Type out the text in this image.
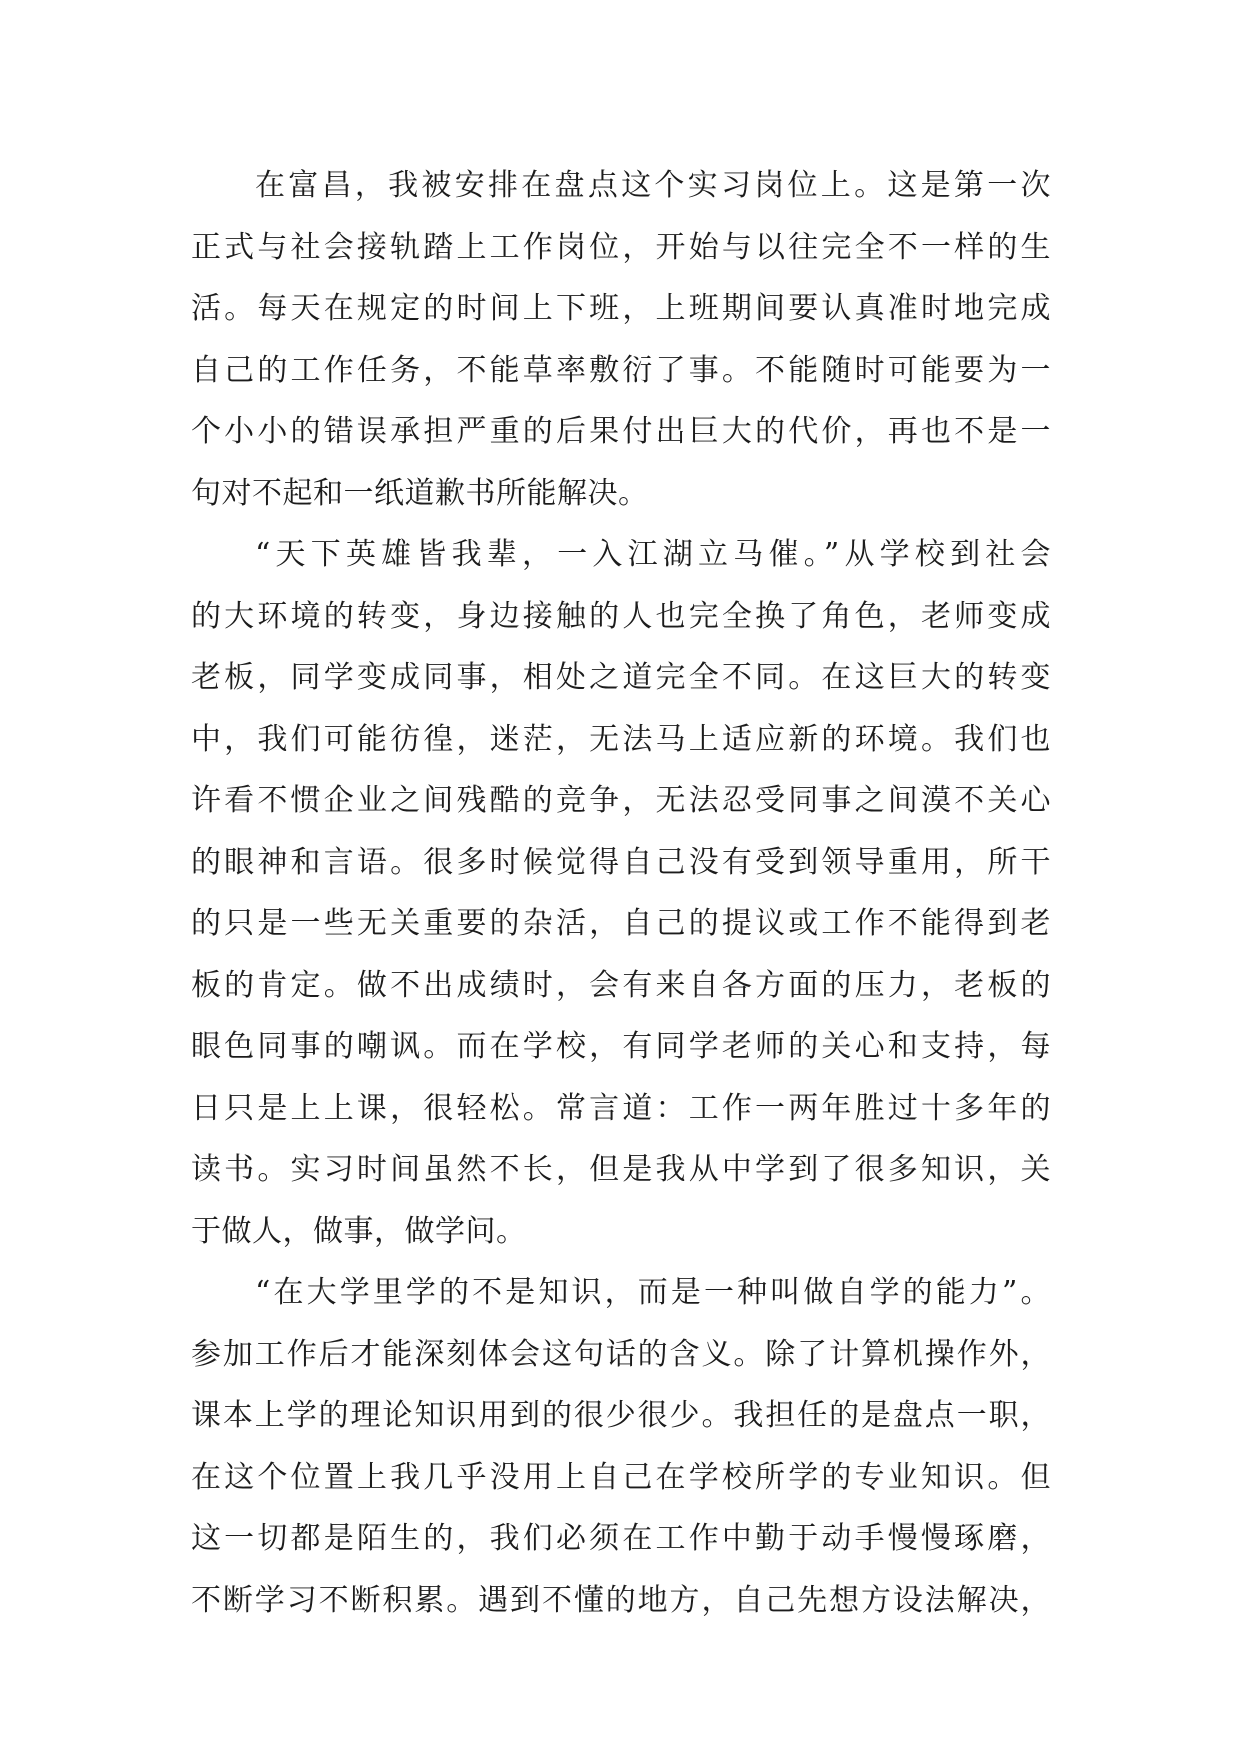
在富昌，我被安排在盘点这个实习岗位上。这是第一次
正式与社会接轨踏上工作岗位，开始与以往完全不一样的生
活。每天在规定的时间上下班，上班期间要认真准时地完成
自己的工作任务，不能草率敷衍了事。不能随时可能要为一
个小小的错误承担严重的后果付出巨大的代价，再也不是一
句对不起和一纸道歉书所能解决。
“天下英雄皆我辈，一入江湖立马催。”从学校到社会
的大环境的转变，身边接触的人也完全换了角色，老师变成
老板，同学变成同事，相处之道完全不同。在这巨大的转变
中，我们可能彷徨，迷茫，无法马上适应新的环境。我们也
许看不惯企业之间残酷的竞争，无法忍受同事之间漠不关心
的眼神和言语。很多时候觉得自己没有受到领导重用，所干
的只是一些无关重要的杂活，自己的提议或工作不能得到老
板的肯定。做不出成绩时，会有来自各方面的压力，老板的
眼色同事的嘲讽。而在学校，有同学老师的关心和支持，每
日只是上上课，很轻松。常言道：工作一两年胜过十多年的
读书。实习时间虽然不长，但是我从中学到了很多知识，关
于做人，做事，做学问。
“在大学里学的不是知识，而是一种叫做自学的能力”。
参加工作后才能深刻体会这句话的含义。除了计算机操作外，
课本上学的理论知识用到的很少很少。我担任的是盘点一职，
在这个位置上我几乎没用上自己在学校所学的专业知识。但
这一切都是陌生的，我们必须在工作中勤于动手慢慢琢磨，
不断学习不断积累。遇到不懂的地方，自己先想方设法解决，
